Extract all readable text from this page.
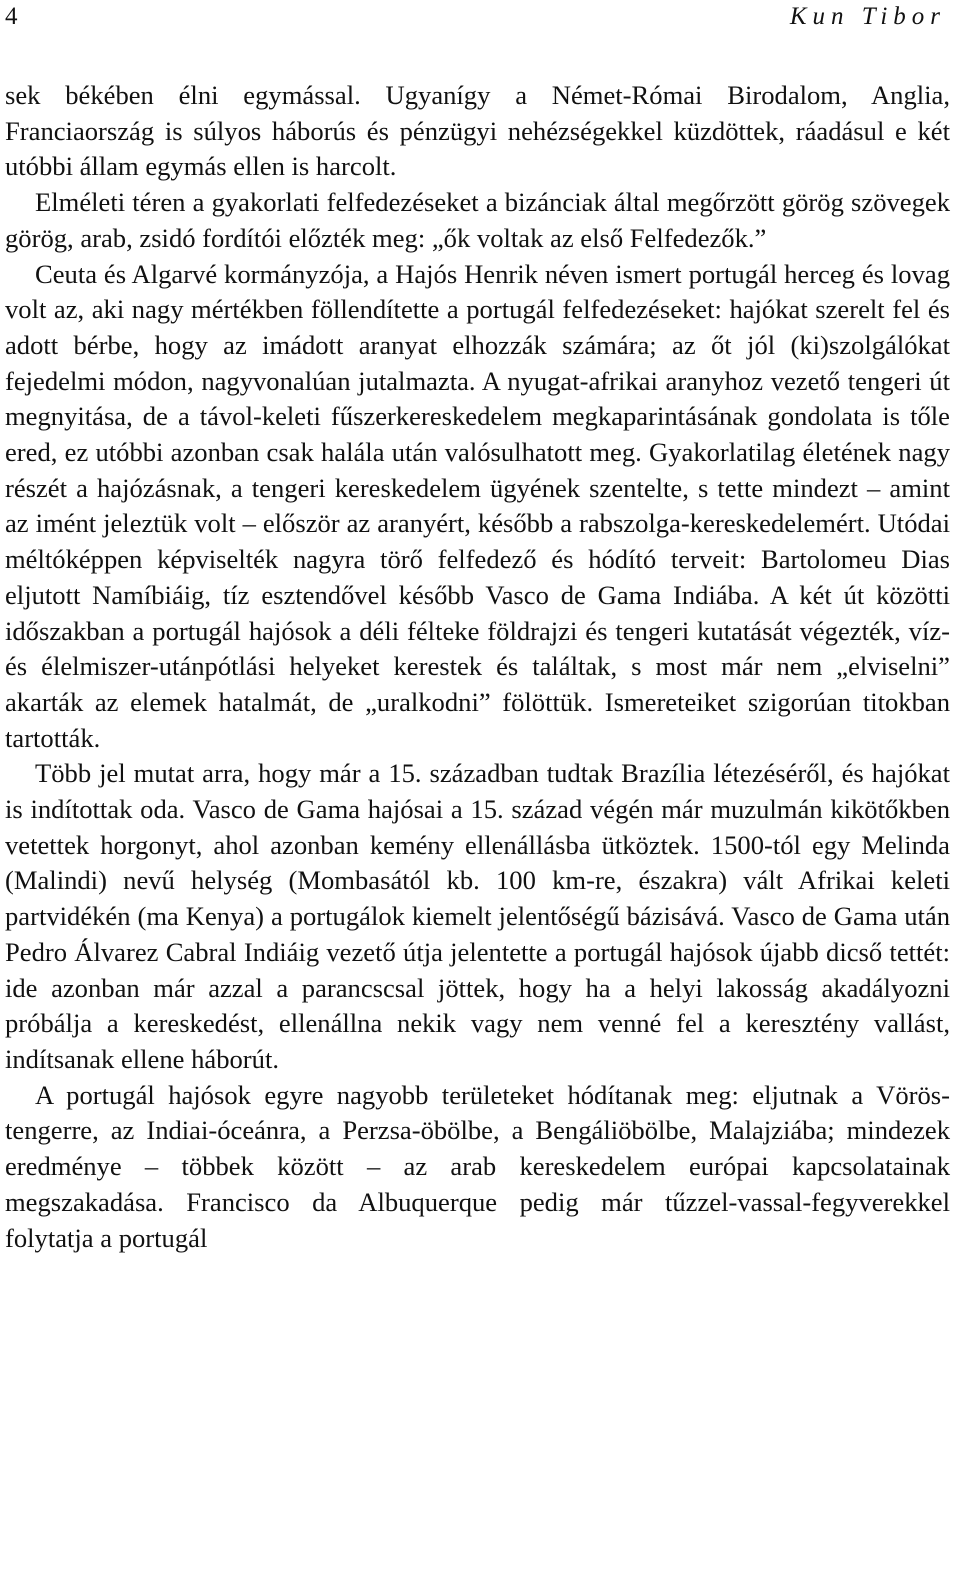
4	Kun Tibor

sek békében élni egymással. Ugyanígy a Német-Római Birodalom, Anglia, Franciaország is súlyos háborús és pénzügyi nehézségekkel küzdöttek, ráadásul e két utóbbi állam egymás ellen is harcolt.

Elméleti téren a gyakorlati felfedezéseket a bizánciak által megőrzött görög szövegek görög, arab, zsidó fordítói előzték meg: „ők voltak az első Felfedezők.”

Ceuta és Algarvé kormányzója, a Hajós Henrik néven ismert portugál herceg és lovag volt az, aki nagy mértékben föllendítette a portugál felfedezéseket: hajókat szerelt fel és adott bérbe, hogy az imádott aranyat elhozzák számára; az őt jól (ki)szolgálókat fejedelmi módon, nagyvonalúan jutalmazta. A nyugat-afrikai aranyhoz vezető tengeri út megnyitása, de a távol-keleti fűszerkereskedelem megkaparintásának gondolata is tőle ered, ez utóbbi azonban csak halála után valósulhatott meg. Gyakorlatilag életének nagy részét a hajózásnak, a tengeri kereskedelem ügyének szentelte, s tette mindezt – amint az imént jeleztük volt – először az aranyért, később a rabszolga-kereskedelemért. Utódai méltóképpen képviselték nagyra törő felfedező és hódító terveit: Bartolomeu Dias eljutott Namíbiáig, tíz esztendővel később Vasco de Gama Indiába. A két út közötti időszakban a portugál hajósok a déli félteke földrajzi és tengeri kutatását végezték, víz- és élelmiszer-utánpótlási helyeket kerestek és találtak, s most már nem „elviselni” akarták az elemek hatalmát, de „uralkodni” fölöttük. Ismereteiket szigorúan titokban tartották.

Több jel mutat arra, hogy már a 15. században tudtak Brazília létezéséről, és hajókat is indítottak oda. Vasco de Gama hajósai a 15. század végén már muzulmán kikötőkben vetettek horgonyt, ahol azonban kemény ellenállásba ütköztek. 1500-tól egy Melinda (Malindi) nevű helység (Mombasától kb. 100 km-re, északra) vált Afrikai keleti partvidékén (ma Kenya) a portugálok kiemelt jelentőségű bázisává. Vasco de Gama után Pedro Álvarez Cabral Indiáig vezető útja jelentette a portugál hajósok újabb dicső tettét: ide azonban már azzal a parancscsal jöttek, hogy ha a helyi lakosság akadályozni próbálja a kereskedést, ellenállna nekik vagy nem venné fel a keresztény vallást, indítsanak ellene háborút.

A portugál hajósok egyre nagyobb területeket hódítanak meg: eljutnak a Vörös-tengerre, az Indiai-óceánra, a Perzsa-öbölbe, a Bengáliöbölbe, Malajziába; mindezek eredménye – többek között – az arab kereskedelem európai kapcsolatainak megszakadása. Francisco da Albuquerque pedig már tűzzel-vassal-fegyverekkel folytatja a portugál
